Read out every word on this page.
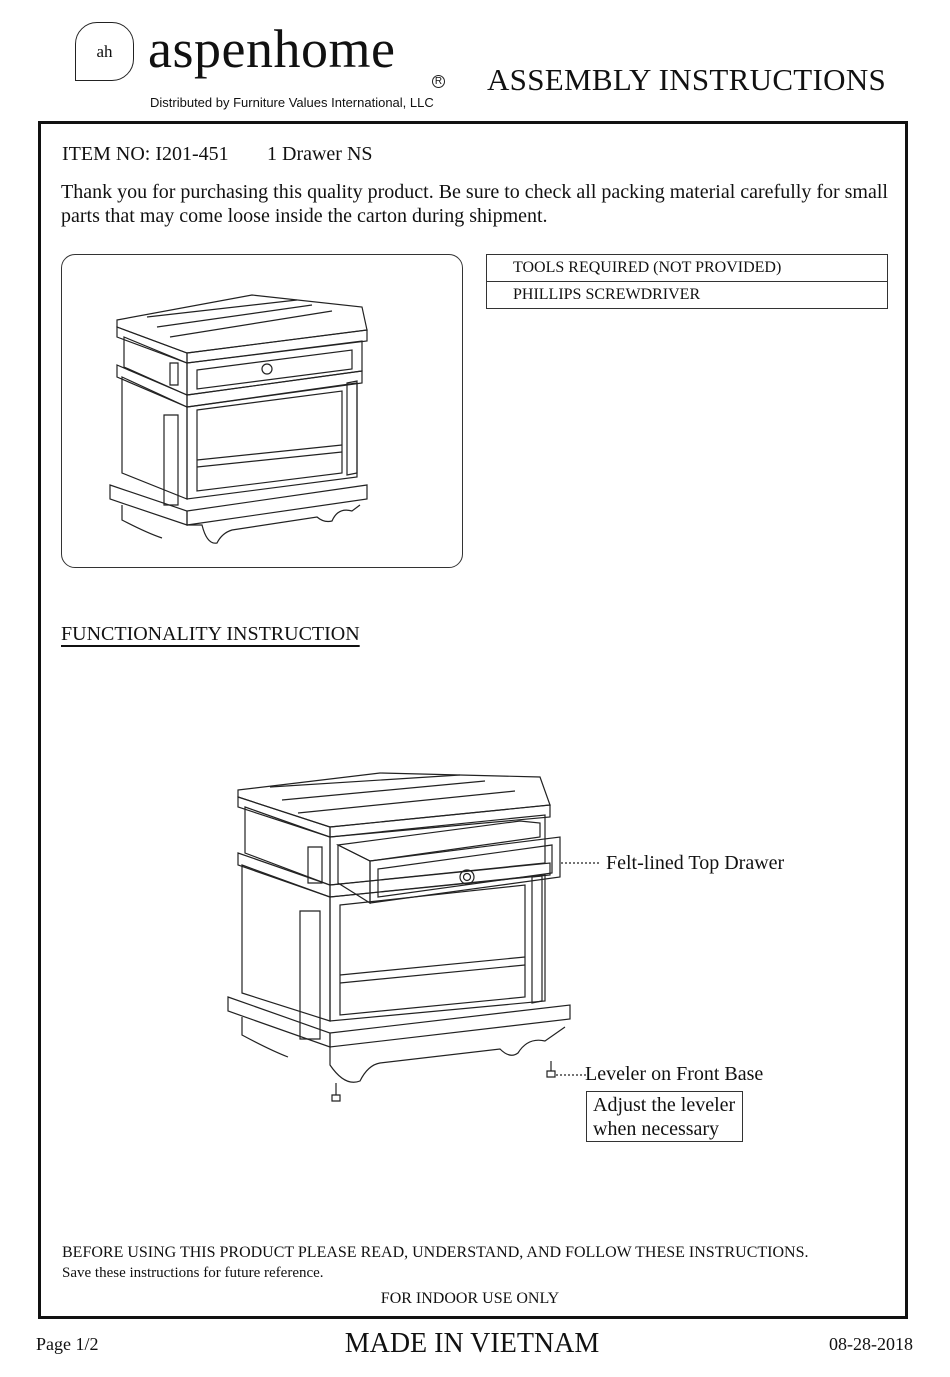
ah aspenhome
R
Distributed by Furniture Values International, LLC
ASSEMBLY INSTRUCTIONS
ITEM NO: I201-451 1 Drawer NS
Thank you for purchasing this quality product. Be sure to check all packing material carefully for small parts that may come loose inside the carton during shipment.
TOOLS REQUIRED (NOT PROVIDED)
PHILLIPS SCREWDRIVER
FUNCTIONALITY INSTRUCTION
Felt-lined Top Drawer
Leveler on Front Base
Adjust the leveler
when necessary
BEFORE USING THIS PRODUCT PLEASE READ, UNDERSTAND, AND FOLLOW THESE INSTRUCTIONS.
Save these instructions for future reference.
FOR INDOOR USE ONLY
Page 1/2	MADE IN VIETNAM	08-28-2018
